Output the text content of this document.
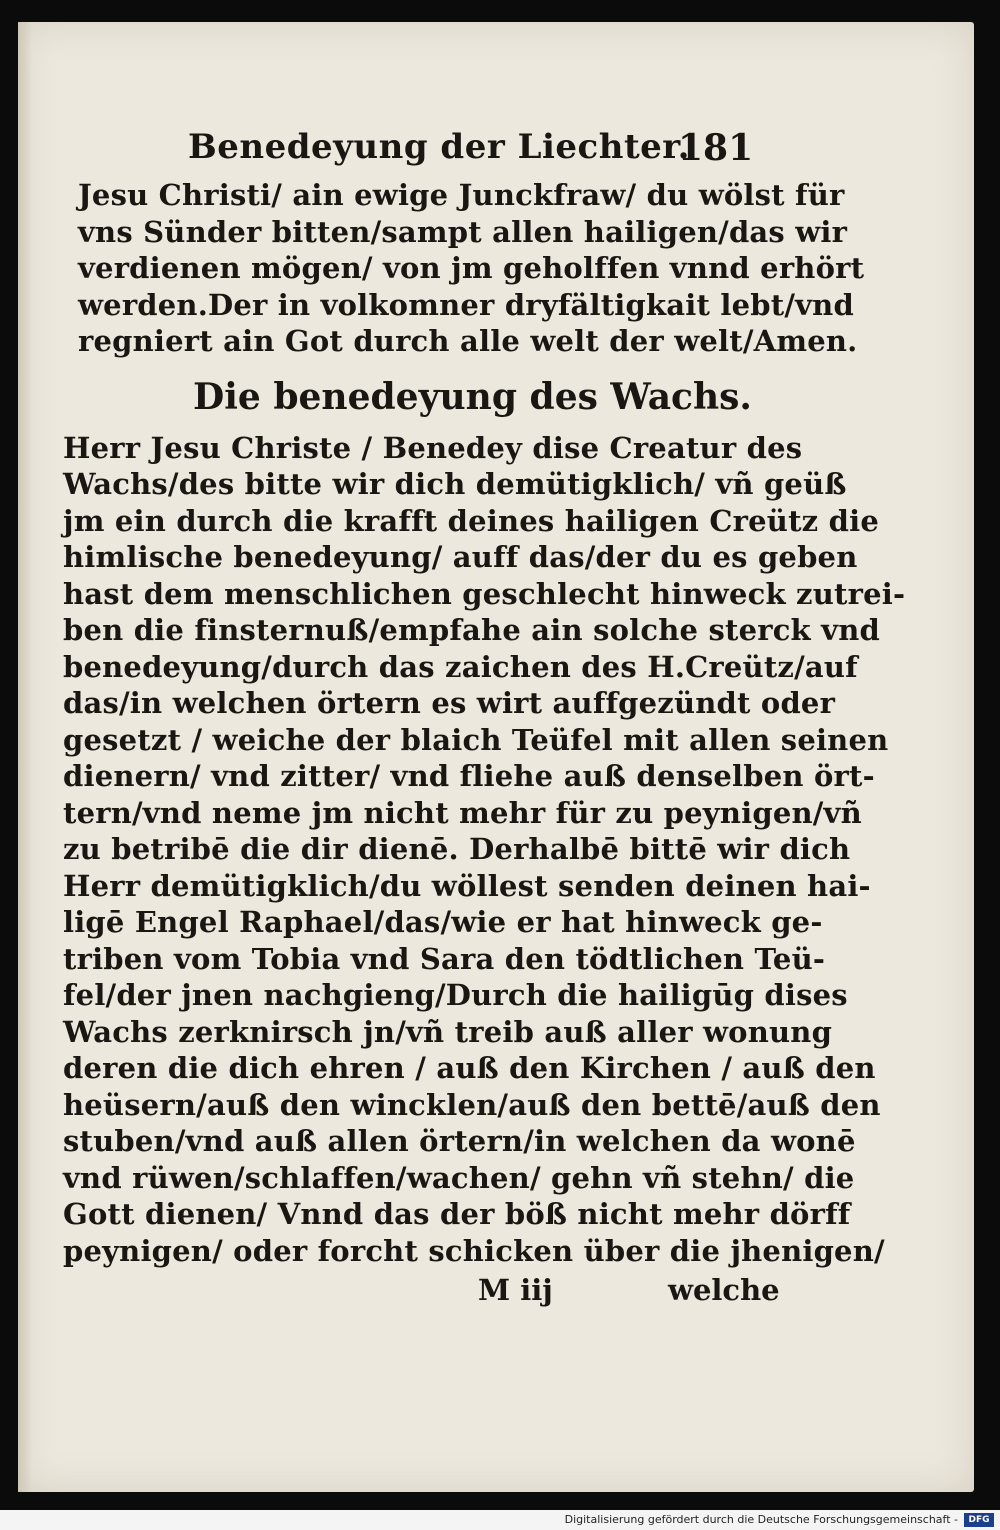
Benedeyung der Liechter.
181
Jesu Christi/ ain ewige Junckfraw/ du wölst für
vns Sünder bitten/sampt allen hailigen/das wir
verdienen mögen/ von jm geholffen vnnd erhört
werden.Der in volkomner dryfältigkait lebt/vnd
regniert ain Got durch alle welt der welt/Amen.
Die benedeyung des Wachs.
Herr Jesu Christe / Benedey dise Creatur des
Wachs/des bitte wir dich demütigklich/ vñ geüß
jm ein durch die krafft deines hailigen Creütz die
himlische benedeyung/ auff das/der du es geben
hast dem menschlichen geschlecht hinweck zutrei-
ben die finsternuß/empfahe ain solche sterck vnd
benedeyung/durch das zaichen des H.Creütz/auf
das/in welchen örtern es wirt auffgezündt oder
gesetzt / weiche der blaich Teüfel mit allen seinen
dienern/ vnd zitter/ vnd fliehe auß denselben ört-
tern/vnd neme jm nicht mehr für zu peynigen/vñ
zu betribē die dir dienē. Derhalbē bittē wir dich
Herr demütigklich/du wöllest senden deinen hai-
ligē Engel Raphael/das/wie er hat hinweck ge-
triben vom Tobia vnd Sara den tödtlichen Teü-
fel/der jnen nachgieng/Durch die hailigūg dises
Wachs zerknirsch jn/vñ treib auß aller wonung
deren die dich ehren / auß den Kirchen / auß den
heüsern/auß den wincklen/auß den bettē/auß den
stuben/vnd auß allen örtern/in welchen da wonē
vnd rüwen/schlaffen/wachen/ gehn vñ stehn/ die
Gott dienen/ Vnnd das der böß nicht mehr dörff
peynigen/ oder forcht schicken über die jhenigen/
M iij	welche
Digitalisierung gefördert durch die Deutsche Forschungsgemeinschaft -	DFG
